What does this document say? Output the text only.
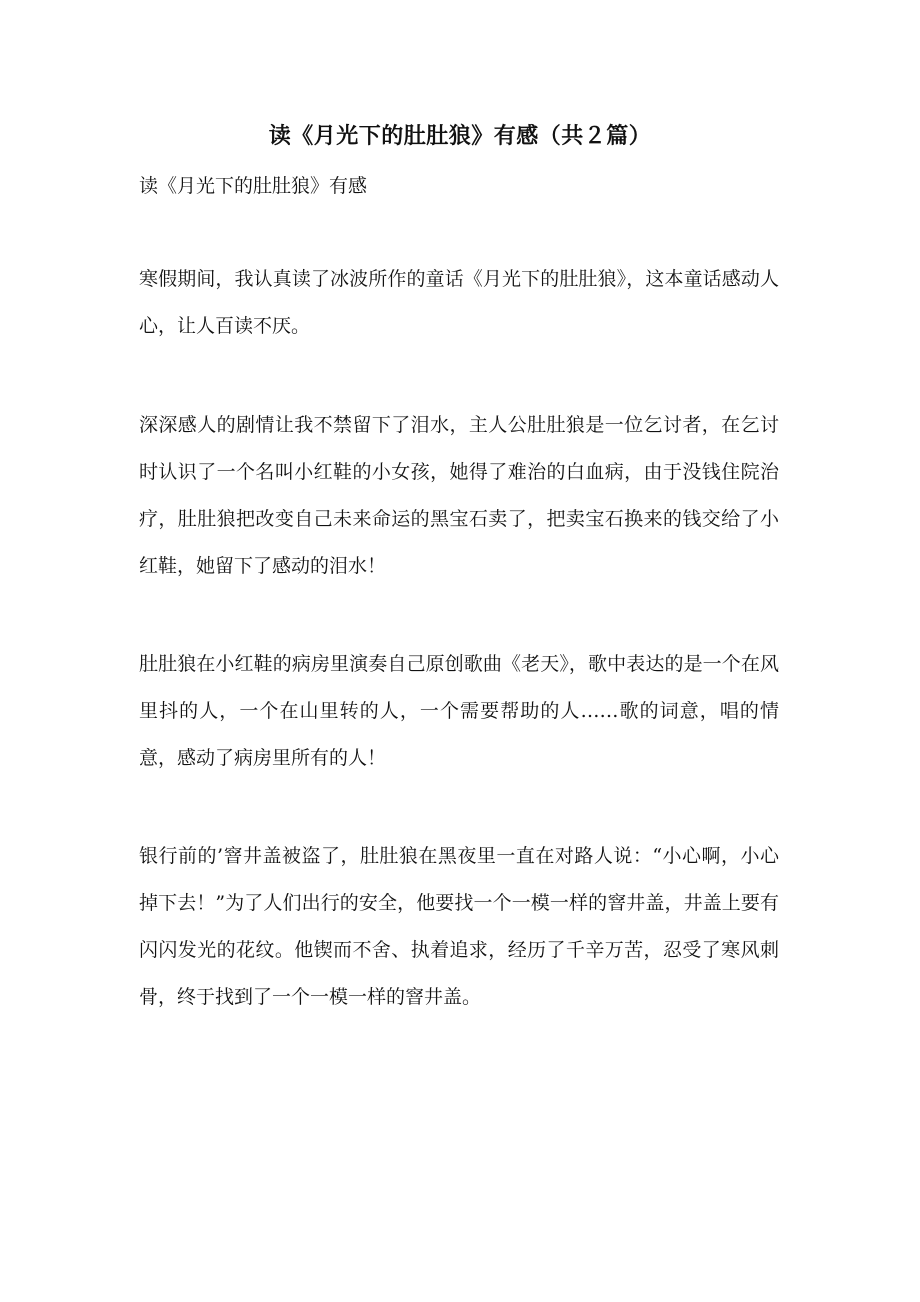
读《月光下的肚肚狼》有感（共２篇）
读《月光下的肚肚狼》有感

寒假期间，我认真读了冰波所作的童话《月光下的肚肚狼》，这本童话感动人心，让人百读不厌。

深深感人的剧情让我不禁留下了泪水，主人公肚肚狼是一位乞讨者，在乞讨时认识了一个名叫小红鞋的小女孩，她得了难治的白血病，由于没钱住院治疗，肚肚狼把改变自己未来命运的黑宝石卖了，把卖宝石换来的钱交给了小红鞋，她留下了感动的泪水！

肚肚狼在小红鞋的病房里演奏自己原创歌曲《老天》，歌中表达的是一个在风里抖的人，一个在山里转的人，一个需要帮助的人……歌的词意，唱的情意，感动了病房里所有的人！

银行前的’窨井盖被盗了，肚肚狼在黑夜里一直在对路人说：“小心啊，小心掉下去！”为了人们出行的安全，他要找一个一模一样的窨井盖，井盖上要有闪闪发光的花纹。他锲而不舍、执着追求，经历了千辛万苦，忍受了寒风刺骨，终于找到了一个一模一样的窨井盖。
